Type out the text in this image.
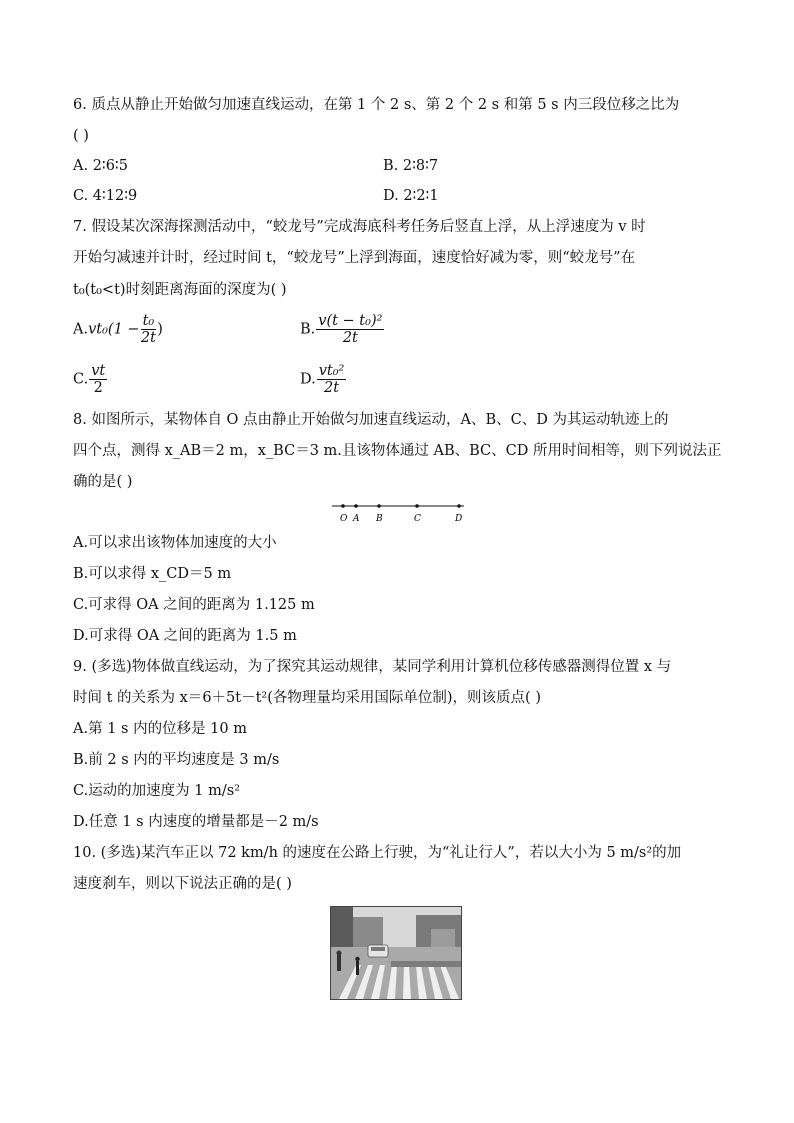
6. 质点从静止开始做匀加速直线运动，在第 1 个 2 s、第 2 个 2 s 和第 5 s 内三段位移之比为
( )
A. 2∶6∶5	B. 2∶8∶7
C. 4∶12∶9	D. 2∶2∶1
7. 假设某次深海探测活动中，“蛟龙号”完成海底科考任务后竖直上浮，从上浮速度为 v 时
开始匀减速并计时，经过时间 t，“蛟龙号”上浮到海面，速度恰好减为零，则“蛟龙号”在
t₀(t₀<t)时刻距离海面的深度为( )
$A.vt_0(1 - \frac{\text{t₀}}{2t}$ )	B. $\frac{\text{v(t − t₀)²}}{2t}$
C. $\frac{vt}{2}$	D. $\frac{\text{vt₀²}}{2t}$
8. 如图所示，某物体自 O 点由静止开始做匀加速直线运动，A、B、C、D 为其运动轨迹上的
四个点，测得 x_AB＝2 m，x_BC＝3 m.且该物体通过 AB、BC、CD 所用时间相等，则下列说法正
确的是( )
O A B	C	D
A.可以求出该物体加速度的大小
B.可以求得 x_CD＝5 m
C.可求得 OA 之间的距离为 1.125 m
D.可求得 OA 之间的距离为 1.5 m
9. (多选)物体做直线运动，为了探究其运动规律，某同学利用计算机位移传感器测得位置 x 与
时间 t 的关系为 x＝6＋5t－t²(各物理量均采用国际单位制)，则该质点( )
A.第 1 s 内的位移是 10 m
B.前 2 s 内的平均速度是 3 m/s
C.运动的加速度为 1 m/s²
D.任意 1 s 内速度的增量都是－2 m/s
10. (多选)某汽车正以 72 km/h 的速度在公路上行驶，为“礼让行人”，若以大小为 5 m/s²的加
速度刹车，则以下说法正确的是( )
